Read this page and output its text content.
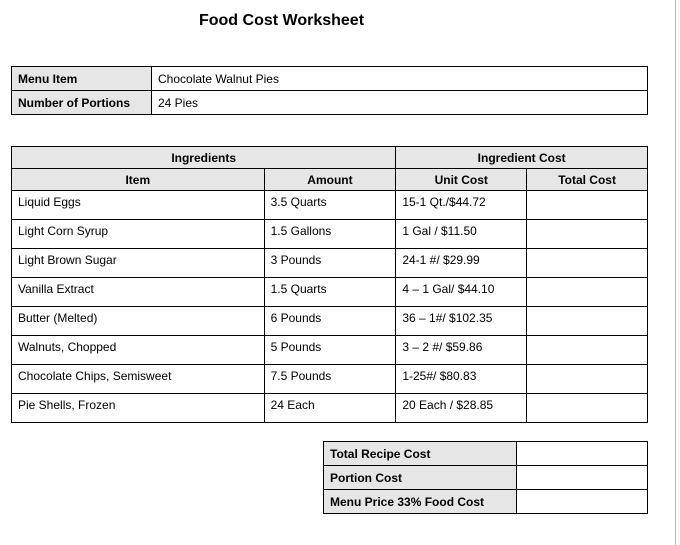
Food Cost Worksheet
Menu Item	Chocolate Walnut Pies
Number of Portions	24 Pies
Ingredients		Ingredient Cost	
Item	Amount	Unit Cost	Total Cost
Liquid Eggs	3.5 Quarts	15-1 Qt./$44.72	
Light Corn Syrup	1.5 Gallons	1 Gal / $11.50	
Light Brown Sugar	3 Pounds	24-1 #/ $29.99	
Vanilla Extract	1.5 Quarts	4 – 1 Gal/ $44.10	
Butter (Melted)	6 Pounds	36 – 1#/ $102.35	
Walnuts, Chopped	5 Pounds	3 – 2 #/ $59.86	
Chocolate Chips, Semisweet	7.5 Pounds	1-25#/ $80.83	
Pie Shells, Frozen	24 Each	20 Each / $28.85	
Total Recipe Cost	
Portion Cost	
Menu Price 33% Food Cost	
